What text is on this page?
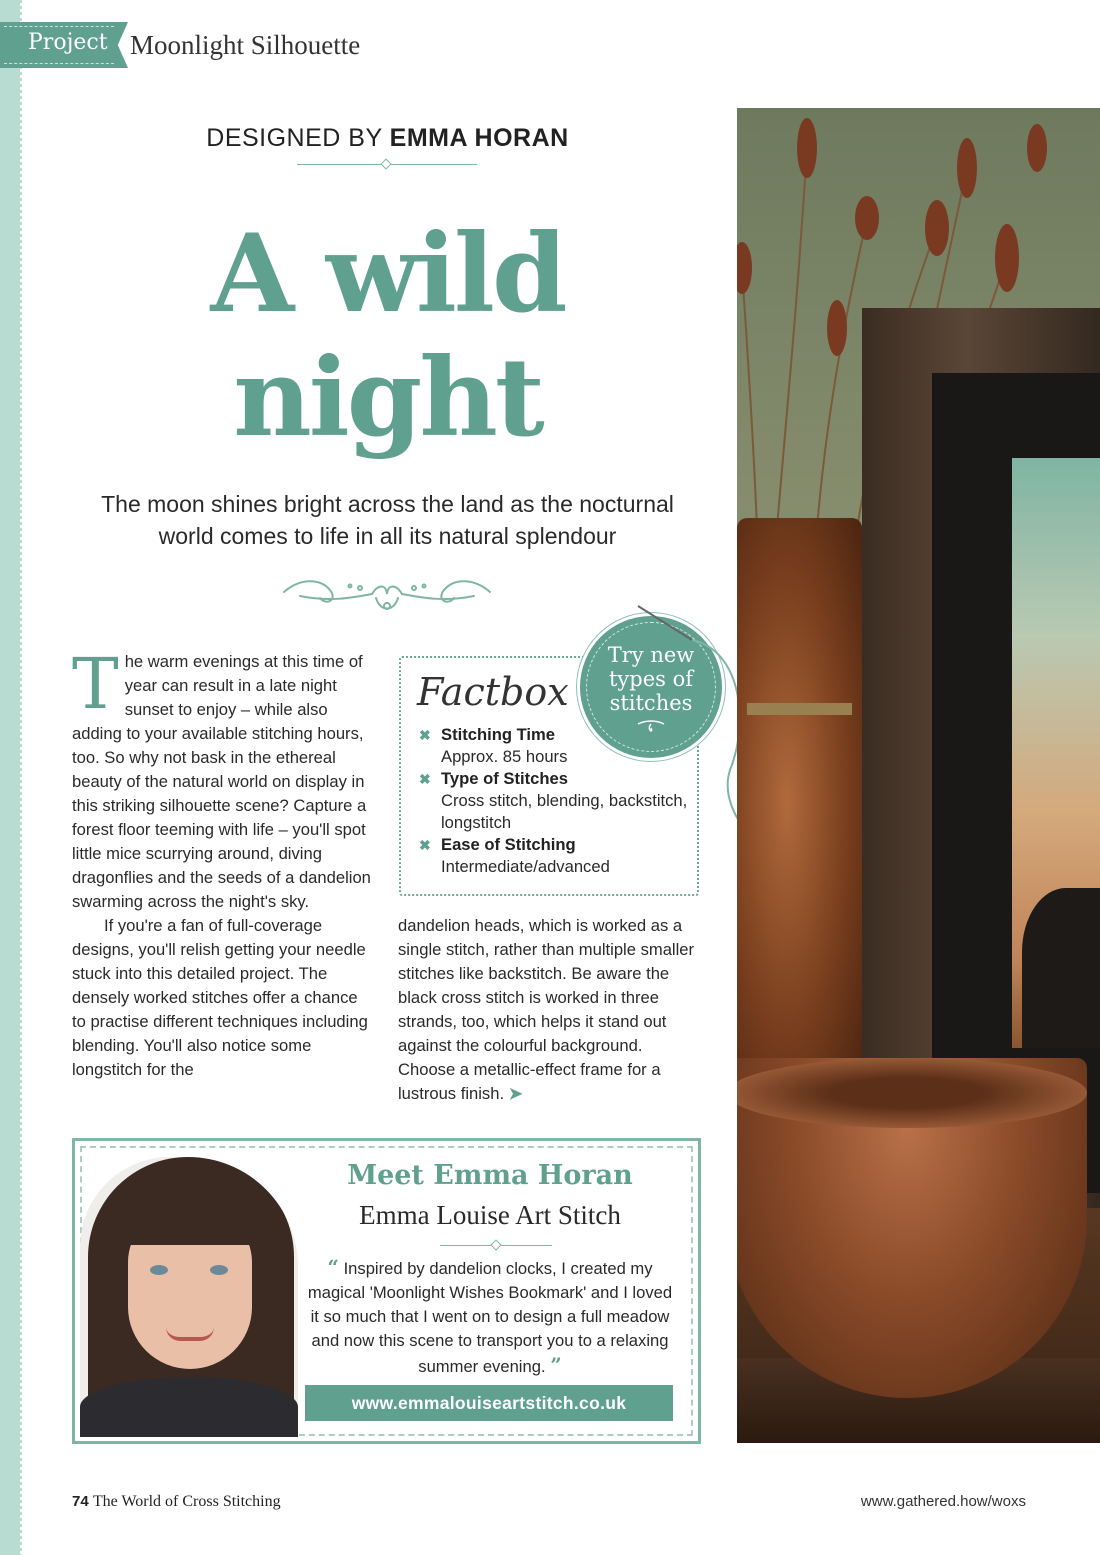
Project Moonlight Silhouette
DESIGNED BY EMMA HORAN
A wild
night
The moon shines bright across the land as the nocturnal
world comes to life in all its natural splendour

The warm evenings at this time of year can result in a late night sunset to enjoy – while also adding to your available stitching hours, too. So why not bask in the ethereal beauty of the natural world on display in this striking silhouette scene? Capture a forest floor teeming with life – you'll spot little mice scurrying around, diving dragonflies and the seeds of a dandelion swarming across the night's sky.

If you're a fan of full-coverage designs, you'll relish getting your needle stuck into this detailed project. The densely worked stitches offer a chance to practise different techniques including blending. You'll also notice some longstitch for the

Factbox
✖ Stitching Time
Approx. 85 hours
✖ Type of Stitches
Cross stitch, blending, backstitch, longstitch
✖ Ease of Stitching
Intermediate/advanced
Try new
types of
stitches

dandelion heads, which is worked as a single stitch, rather than multiple smaller stitches like backstitch. Be aware the black cross stitch is worked in three strands, too, which helps it stand out against the colourful background. Choose a metallic-effect frame for a lustrous finish. ➤

Meet Emma Horan
Emma Louise Art Stitch
“ Inspired by dandelion clocks, I created my magical 'Moonlight Wishes Bookmark' and I loved it so much that I went on to design a full meadow and now this scene to transport you to a relaxing summer evening. ”
www.emmalouiseartstitch.co.uk
74 The World of Cross Stitching	www.gathered.how/woxs
